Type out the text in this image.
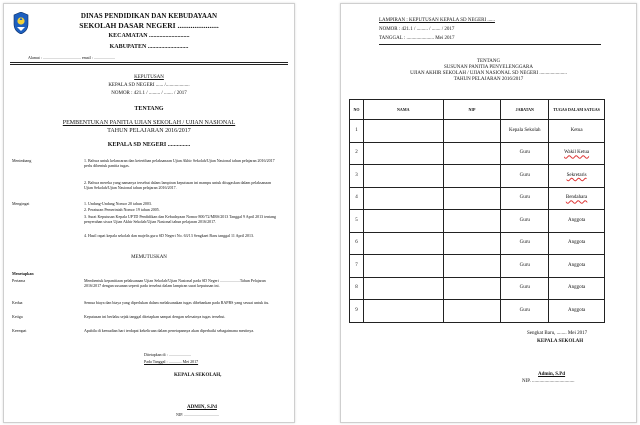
DINAS PENDIDIKAN DAN KEBUDAYAAN
SEKOLAH DASAR NEGERI ......................
KECAMATAN ...........................
KABUPATEN ...........................
Alamat : ...................................... email : .....................
KEPUTUSAN
KEPALA SD NEGERI ...... /...................
NOMOR : 421.1 / ......... / ....... / 2017
TENTANG
PEMBENTUKAN PANITIA UJIAN SEKOLAH / UJIAN NASIONAL
TAHUN PELAJARAN 2016/2017
KEPALA SD NEGERI ...............
Menimbang	1. Bahwa untuk kelancaran dan ketertiban pelaksanaan Ujian Akhir Sekolah/Ujian Nasional tahun pelajaran 2016/2017 perlu dibentuk panitia tugas.
2. Bahwa mereka yang namanya tersebut dalam lampiran keputusan ini mampu untuk ditugaskan dalam pelaksanaan Ujian Sekolah/Ujian Nasional tahun pelajaran 2016/2017.
Mengingat	1. Undang-Undang Nomor 20 tahun 2003.
2. Peraturan Pemerintah Nomor 19 tahun 2005.
3. Surat Keputusan Kepala UPTD Pendidikan dan Kebudayaan Nomor 800/72/MRS/2013 Tanggal 9 April 2013 tentang penyerahan siswa Ujian Akhir Sekolah/Ujian Nasional tahun pelajaran 2016/2017.
4. Hasil rapat kepala sekolah dan majelis guru SD Negeri No. 63/13 Sengkaet Baru tanggal 11 April 2013.
MEMUTUSKAN
Menetapkan
Pertama	Membentuk kepanitiaan pelaksanaan Ujian Sekolah/Ujian Nasional pada SD Negeri ....................Tahun Pelajaran 2016/2017 dengan susunan seperti pada tersebut dalam lampiran surat keputusan ini.
Kedua	Semua biaya dan biaya yang diperlukan dalam melaksanakan tugas dibebankan pada RAPBS yang sesuai untuk itu.
Ketiga	Keputusan ini berlaku sejak tanggal ditetapkan sampai dengan selesainya tugas tersebut.
Keempat	Apabila di kemudian hari terdapat kekeliruan dalam penetapannya akan diperbaiki sebagaimana mestinya.
Ditetapkan di : ......................
Pada Tanggal : ............. Mei 2017
KEPALA SEKOLAH,
ADMIN, S.Pd
NIP. ...................................
LAMPIRAN : KEPUTUSAN KEPALA SD NEGERI ......
NOMOR : 421.1 / ......... / ....... / 2017
TANGGAL : ...................... Mei 2017
TENTANG
SUSUNAN PANITIA PENYELENGGARA
UJIAN AKHIR SEKOLAH / UJIAN NASIONAL SD NEGERI ......................
TAHUN PELAJARAN 2016/2017
NO	NAMA	NIP	JABATAN	TUGAS DALAM SATGAS
1			Kepala Sekolah	Ketua
2			Guru	Wakil Ketua
3			Guru	Sekretaris
4			Guru	Bendahara
5			Guru	Anggota
6			Guru	Anggota
7			Guru	Anggota
8			Guru	Anggota
9			Guru	Anggota
Sengkat Baru, ........ Mei 2017
KEPALA SEKOLAH
Admin, S.Pd
NIP. ..................................
